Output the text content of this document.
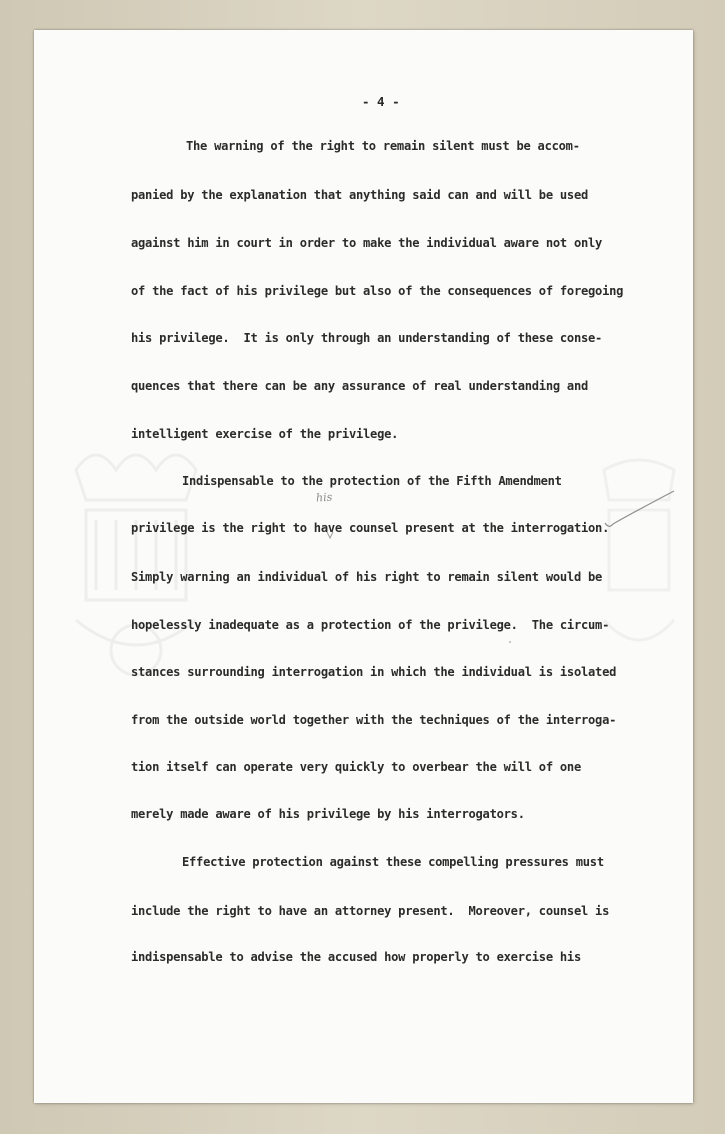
- 4 -
The warning of the right to remain silent must be accom-
panied by the explanation that anything said can and will be used
against him in court in order to make the individual aware not only
of the fact of his privilege but also of the consequences of foregoing
his privilege.  It is only through an understanding of these conse-
quences that there can be any assurance of real understanding and
intelligent exercise of the privilege.
Indispensable to the protection of the Fifth Amendment
privilege is the right to have counsel present at the interrogation.
Simply warning an individual of his right to remain silent would be
hopelessly inadequate as a protection of the privilege.  The circum-
stances surrounding interrogation in which the individual is isolated
from the outside world together with the techniques of the interroga-
tion itself can operate very quickly to overbear the will of one
merely made aware of his privilege by his interrogators.
Effective protection against these compelling pressures must
include the right to have an attorney present.  Moreover, counsel is
indispensable to advise the accused how properly to exercise his
his
